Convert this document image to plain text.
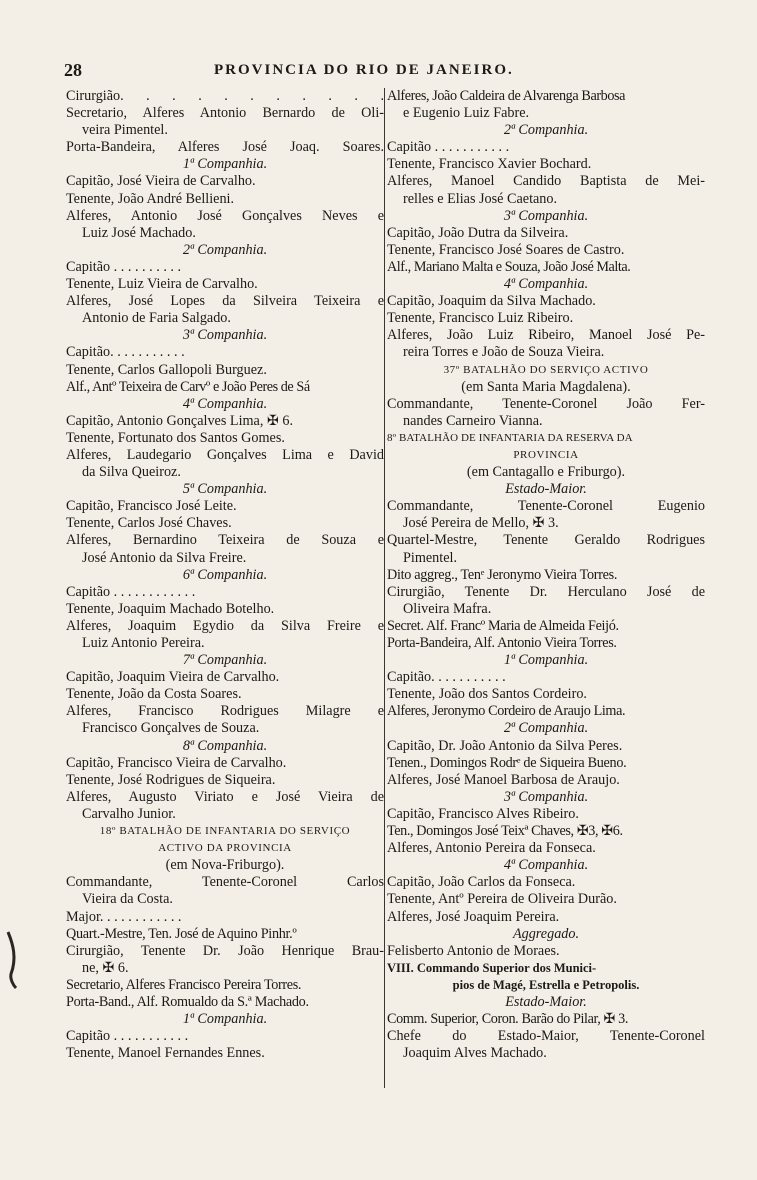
28	PROVINCIA DO RIO DE JANEIRO.
Cirurgião. . . . . . . . . . .
Secretario, Alferes Antonio Bernardo de Oli-
veira Pimentel.
Porta-Bandeira, Alferes José Joaq. Soares.
1ª Companhia.
Capitão, José Vieira de Carvalho.
Tenente, João André Bellieni.
Alferes, Antonio José Gonçalves Neves e
Luiz José Machado.
2ª Companhia.
Capitão . . . . . . . . . .
Tenente, Luiz Vieira de Carvalho.
Alferes, José Lopes da Silveira Teixeira e
Antonio de Faria Salgado.
3ª Companhia.
Capitão. . . . . . . . . . .
Tenente, Carlos Gallopoli Burguez.
Alf., Antº Teixeira de Carvº e João Peres de Sá
4ª Companhia.
Capitão, Antonio Gonçalves Lima, ✠ 6.
Tenente, Fortunato dos Santos Gomes.
Alferes, Laudegario Gonçalves Lima e David
da Silva Queiroz.
5ª Companhia.
Capitão, Francisco José Leite.
Tenente, Carlos José Chaves.
Alferes, Bernardino Teixeira de Souza e
José Antonio da Silva Freire.
6ª Companhia.
Capitão . . . . . . . . . . . .
Tenente, Joaquim Machado Botelho.
Alferes, Joaquim Egydio da Silva Freire e
Luiz Antonio Pereira.
7ª Companhia.
Capitão, Joaquim Vieira de Carvalho.
Tenente, João da Costa Soares.
Alferes, Francisco Rodrigues Milagre e
Francisco Gonçalves de Souza.
8ª Companhia.
Capitão, Francisco Vieira de Carvalho.
Tenente, José Rodrigues de Siqueira.
Alferes, Augusto Viriato e José Vieira de
Carvalho Junior.
18º BATALHÃO DE INFANTARIA DO SERVIÇO
ACTIVO DA PROVINCIA
(em Nova-Friburgo).
Commandante, Tenente-Coronel Carlos
Vieira da Costa.
Major. . . . . . . . . . . .
Quart.-Mestre, Ten. José de Aquino Pinhr.º
Cirurgião, Tenente Dr. João Henrique Brau-
ne, ✠ 6.
Secretario, Alferes Francisco Pereira Torres.
Porta-Band., Alf. Romualdo da S.ª Machado.
1ª Companhia.
Capitão . . . . . . . . . . .
Tenente, Manoel Fernandes Ennes.
Alferes, João Caldeira de Alvarenga Barbosa
e Eugenio Luiz Fabre.
2ª Companhia.
Capitão . . . . . . . . . . .
Tenente, Francisco Xavier Bochard.
Alferes, Manoel Candido Baptista de Mei-
relles e Elias José Caetano.
3ª Companhia.
Capitão, João Dutra da Silveira.
Tenente, Francisco José Soares de Castro.
Alf., Mariano Malta e Souza, João José Malta.
4ª Companhia.
Capitão, Joaquim da Silva Machado.
Tenente, Francisco Luiz Ribeiro.
Alferes, João Luiz Ribeiro, Manoel José Pe-
reira Torres e João de Souza Vieira.
37º BATALHÃO DO SERVIÇO ACTIVO
(em Santa Maria Magdalena).
Commandante, Tenente-Coronel João Fer-
nandes Carneiro Vianna.
8º BATALHÃO DE INFANTARIA DA RESERVA DA
PROVINCIA
(em Cantagallo e Friburgo).
Estado-Maior.
Commandante, Tenente-Coronel Eugenio
José Pereira de Mello, ✠ 3.
Quartel-Mestre, Tenente Geraldo Rodrigues
Pimentel.
Dito aggreg., Tenᵉ Jeronymo Vieira Torres.
Cirurgião, Tenente Dr. Herculano José de
Oliveira Mafra.
Secret. Alf. Francº Maria de Almeida Feijó.
Porta-Bandeira, Alf. Antonio Vieira Torres.
1ª Companhia.
Capitão. . . . . . . . . . .
Tenente, João dos Santos Cordeiro.
Alferes, Jeronymo Cordeiro de Araujo Lima.
2ª Companhia.
Capitão, Dr. João Antonio da Silva Peres.
Tenen., Domingos Rodrᵉ de Siqueira Bueno.
Alferes, José Manoel Barbosa de Araujo.
3ª Companhia.
Capitão, Francisco Alves Ribeiro.
Ten., Domingos José Teixª Chaves, ✠3, ✠6.
Alferes, Antonio Pereira da Fonseca.
4ª Companhia.
Capitão, João Carlos da Fonseca.
Tenente, Antº Pereira de Oliveira Durão.
Alferes, José Joaquim Pereira.
Aggregado.
Felisberto Antonio de Moraes.
VIII. Commando Superior dos Munici-
pios de Magé, Estrella e Petropolis.
Estado-Maior.
Comm. Superior, Coron. Barão do Pilar, ✠ 3.
Chefe do Estado-Maior, Tenente-Coronel
Joaquim Alves Machado.
